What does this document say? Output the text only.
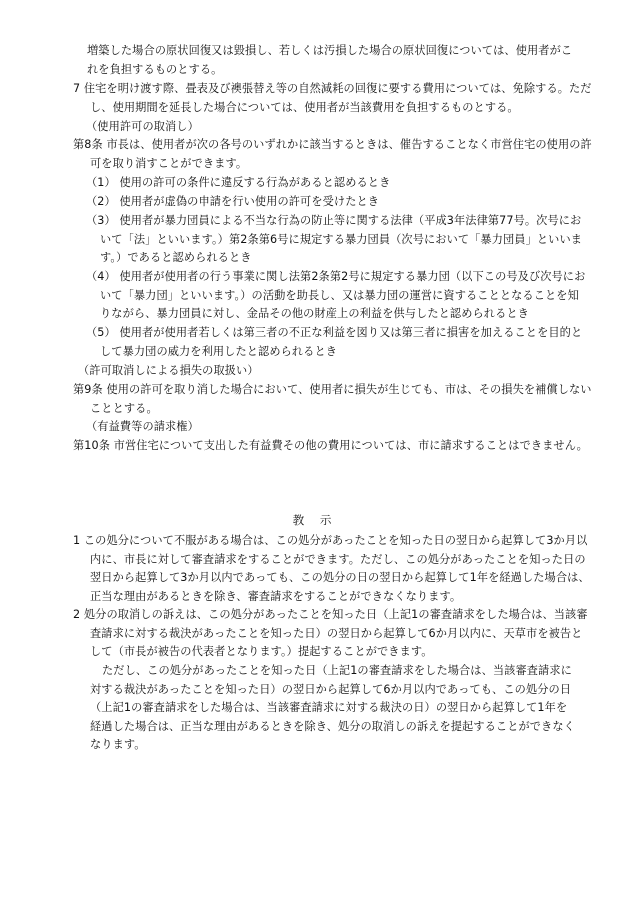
増築した場合の原状回復又は毀損し、若しくは汚損した場合の原状回復については、使用者がこれを負担するものとする。
7 住宅を明け渡す際、畳表及び襖張替え等の自然減耗の回復に要する費用については、免除する。ただし、使用期間を延長した場合については、使用者が当該費用を負担するものとする。
（使用許可の取消し）
第8条 市長は、使用者が次の各号のいずれかに該当するときは、催告することなく市営住宅の使用の許可を取り消すことができます。
（1） 使用の許可の条件に違反する行為があると認めるとき
（2） 使用者が虚偽の申請を行い使用の許可を受けたとき
（3） 使用者が暴力団員による不当な行為の防止等に関する法律（平成3年法律第77号。次号において「法」といいます。）第2条第6号に規定する暴力団員（次号において「暴力団員」といいます。）であると認められるとき
（4） 使用者が使用者の行う事業に関し法第2条第2号に規定する暴力団（以下この号及び次号において「暴力団」といいます。）の活動を助長し、又は暴力団の運営に資することとなることを知りながら、暴力団員に対し、金品その他の財産上の利益を供与したと認められるとき
（5） 使用者が使用者若しくは第三者の不正な利益を図り又は第三者に損害を加えることを目的として暴力団の威力を利用したと認められるとき
（許可取消しによる損失の取扱い）
第9条 使用の許可を取り消した場合において、使用者に損失が生じても、市は、その損失を補償しないこととする。
（有益費等の請求権）
第10条 市営住宅について支出した有益費その他の費用については、市に請求することはできません。
教 示
1 この処分について不服がある場合は、この処分があったことを知った日の翌日から起算して3か月以内に、市長に対して審査請求をすることができます。ただし、この処分があったことを知った日の翌日から起算して3か月以内であっても、この処分の日の翌日から起算して1年を経過した場合は、正当な理由があるときを除き、審査請求をすることができなくなります。
2 処分の取消しの訴えは、この処分があったことを知った日（上記1の審査請求をした場合は、当該審査請求に対する裁決があったことを知った日）の翌日から起算して6か月以内に、天草市を被告として（市長が被告の代表者となります。）提起することができます。
ただし、この処分があったことを知った日（上記1の審査請求をした場合は、当該審査請求に対する裁決があったことを知った日）の翌日から起算して6か月以内であっても、この処分の日（上記1の審査請求をした場合は、当該審査請求に対する裁決の日）の翌日から起算して1年を経過した場合は、正当な理由があるときを除き、処分の取消しの訴えを提起することができなくなります。
